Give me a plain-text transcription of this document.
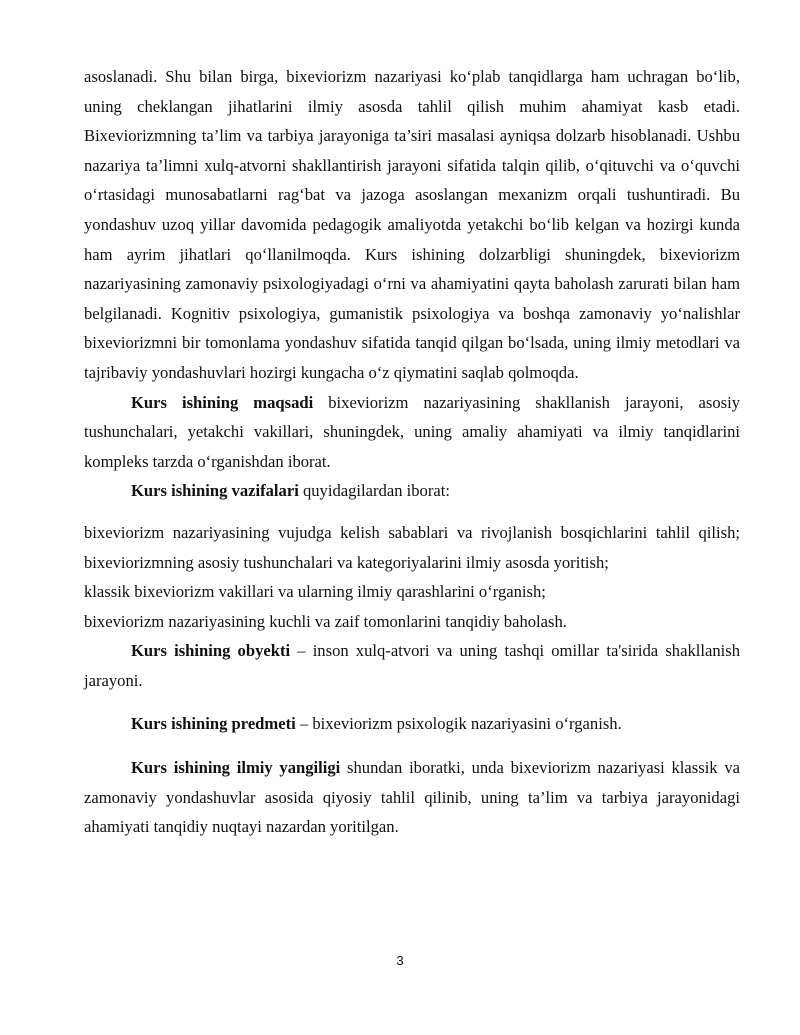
asoslanadi. Shu bilan birga, bixeviorizm nazariyasi ko‘plab tanqidlarga ham uchragan bo‘lib, uning cheklangan jihatlarini ilmiy asosda tahlil qilish muhim ahamiyat kasb etadi. Bixeviorizmning ta’lim va tarbiya jarayoniga ta’siri masalasi ayniqsa dolzarb hisoblanadi. Ushbu nazariya ta’limni xulq-atvorni shakllantirish jarayoni sifatida talqin qilib, o‘qituvchi va o‘quvchi o‘rtasidagi munosabatlarni rag‘bat va jazoga asoslangan mexanizm orqali tushuntiradi. Bu yondashuv uzoq yillar davomida pedagogik amaliyotda yetakchi bo‘lib kelgan va hozirgi kunda ham ayrim jihatlari qo‘llanilmoqda. Kurs ishining dolzarbligi shuningdek, bixeviorizm nazariyasining zamonaviy psixologiyadagi o‘rni va ahamiyatini qayta baholash zarurati bilan ham belgilanadi. Kognitiv psixologiya, gumanistik psixologiya va boshqa zamonaviy yo‘nalishlar bixeviorizmni bir tomonlama yondashuv sifatida tanqid qilgan bo‘lsada, uning ilmiy metodlari va tajribaviy yondashuvlari hozirgi kungacha o‘z qiymatini saqlab qolmoqda.

Kurs ishining maqsadi bixeviorizm nazariyasining shakllanish jarayoni, asosiy tushunchalari, yetakchi vakillari, shuningdek, uning amaliy ahamiyati va ilmiy tanqidlarini kompleks tarzda o‘rganishdan iborat.

Kurs ishining vazifalari quyidagilardan iborat:

bixeviorizm nazariyasining vujudga kelish sabablari va rivojlanish bosqichlarini tahlil qilish; bixeviorizmning asosiy tushunchalari va kategoriyalarini ilmiy asosda yoritish;

klassik bixeviorizm vakillari va ularning ilmiy qarashlarini o‘rganish;

bixeviorizm nazariyasining kuchli va zaif tomonlarini tanqidiy baholash.

Kurs ishining obyekti – inson xulq-atvori va uning tashqi omillar ta'sirida shakllanish jarayoni.

Kurs ishining predmeti – bixeviorizm psixologik nazariyasini o‘rganish.

Kurs ishining ilmiy yangiligi shundan iboratki, unda bixeviorizm nazariyasi klassik va zamonaviy yondashuvlar asosida qiyosiy tahlil qilinib, uning ta’lim va tarbiya jarayonidagi ahamiyati tanqidiy nuqtayi nazardan yoritilgan.

3
